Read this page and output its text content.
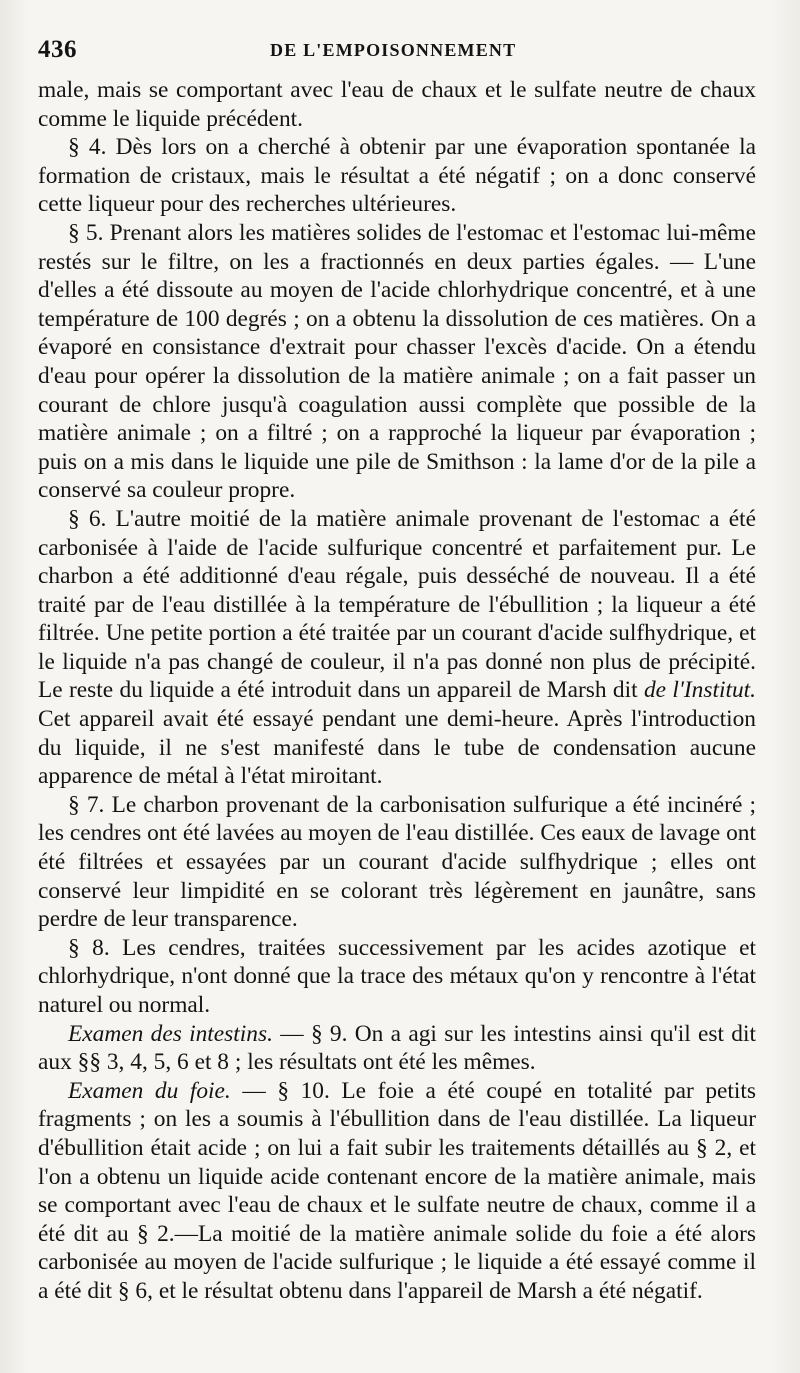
436	DE L'EMPOISONNEMENT

male, mais se comportant avec l'eau de chaux et le sulfate neutre de chaux comme le liquide précédent.

§ 4. Dès lors on a cherché à obtenir par une évaporation spontanée la formation de cristaux, mais le résultat a été négatif ; on a donc conservé cette liqueur pour des recherches ultérieures.

§ 5. Prenant alors les matières solides de l'estomac et l'estomac lui-même restés sur le filtre, on les a fractionnés en deux parties égales. — L'une d'elles a été dissoute au moyen de l'acide chlorhydrique concentré, et à une température de 100 degrés ; on a obtenu la dissolution de ces matières. On a évaporé en consistance d'extrait pour chasser l'excès d'acide. On a étendu d'eau pour opérer la dissolution de la matière animale ; on a fait passer un courant de chlore jusqu'à coagulation aussi complète que possible de la matière animale ; on a filtré ; on a rapproché la liqueur par évaporation ; puis on a mis dans le liquide une pile de Smithson : la lame d'or de la pile a conservé sa couleur propre.

§ 6. L'autre moitié de la matière animale provenant de l'estomac a été carbonisée à l'aide de l'acide sulfurique concentré et parfaitement pur. Le charbon a été additionné d'eau régale, puis desséché de nouveau. Il a été traité par de l'eau distillée à la température de l'ébullition ; la liqueur a été filtrée. Une petite portion a été traitée par un courant d'acide sulfhydrique, et le liquide n'a pas changé de couleur, il n'a pas donné non plus de précipité. Le reste du liquide a été introduit dans un appareil de Marsh dit de l'Institut. Cet appareil avait été essayé pendant une demi-heure. Après l'introduction du liquide, il ne s'est manifesté dans le tube de condensation aucune apparence de métal à l'état miroitant.

§ 7. Le charbon provenant de la carbonisation sulfurique a été incinéré ; les cendres ont été lavées au moyen de l'eau distillée. Ces eaux de lavage ont été filtrées et essayées par un courant d'acide sulfhydrique ; elles ont conservé leur limpidité en se colorant très légèrement en jaunâtre, sans perdre de leur transparence.

§ 8. Les cendres, traitées successivement par les acides azotique et chlorhydrique, n'ont donné que la trace des métaux qu'on y rencontre à l'état naturel ou normal.

Examen des intestins. — § 9. On a agi sur les intestins ainsi qu'il est dit aux §§ 3, 4, 5, 6 et 8 ; les résultats ont été les mêmes.

Examen du foie. — § 10. Le foie a été coupé en totalité par petits fragments ; on les a soumis à l'ébullition dans de l'eau distillée. La liqueur d'ébullition était acide ; on lui a fait subir les traitements détaillés au § 2, et l'on a obtenu un liquide acide contenant encore de la matière animale, mais se comportant avec l'eau de chaux et le sulfate neutre de chaux, comme il a été dit au § 2.—La moitié de la matière animale solide du foie a été alors carbonisée au moyen de l'acide sulfurique ; le liquide a été essayé comme il a été dit § 6, et le résultat obtenu dans l'appareil de Marsh a été négatif.
